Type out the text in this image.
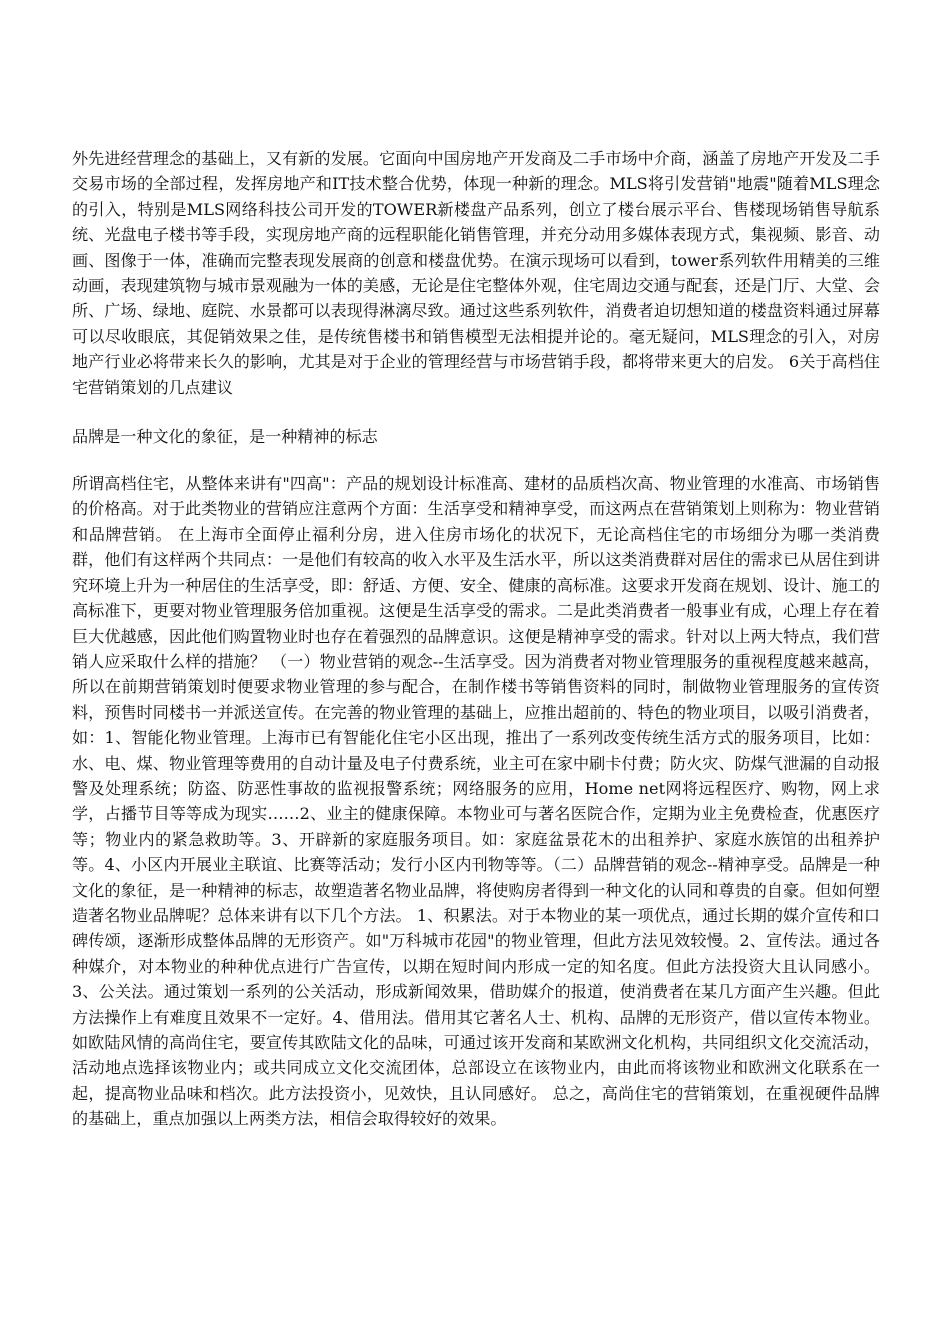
外先进经营理念的基础上，又有新的发展。它面向中国房地产开发商及二手市场中介商，涵盖了房地产开发及二手交易市场的全部过程，发挥房地产和IT技术整合优势，体现一种新的理念。MLS将引发营销"地震"随着MLS理念的引入，特别是MLS网络科技公司开发的TOWER新楼盘产品系列，创立了楼台展示平台、售楼现场销售导航系统、光盘电子楼书等手段，实现房地产商的远程职能化销售管理，并充分动用多媒体表现方式，集视频、影音、动画、图像于一体，准确而完整表现发展商的创意和楼盘优势。在演示现场可以看到，tower系列软件用精美的三维动画，表现建筑物与城市景观融为一体的美感，无论是住宅整体外观，住宅周边交通与配套，还是门厅、大堂、会所、广场、绿地、庭院、水景都可以表现得淋漓尽致。通过这些系列软件，消费者迫切想知道的楼盘资料通过屏幕可以尽收眼底，其促销效果之佳，是传统售楼书和销售模型无法相提并论的。毫无疑问，MLS理念的引入，对房地产行业必将带来长久的影响，尤其是对于企业的管理经营与市场营销手段，都将带来更大的启发。 6关于高档住宅营销策划的几点建议

品牌是一种文化的象征，是一种精神的标志

所谓高档住宅，从整体来讲有"四高"：产品的规划设计标准高、建材的品质档次高、物业管理的水准高、市场销售的价格高。对于此类物业的营销应注意两个方面：生活享受和精神享受，而这两点在营销策划上则称为：物业营销和品牌营销。 在上海市全面停止福利分房，进入住房市场化的状况下，无论高档住宅的市场细分为哪一类消费群，他们有这样两个共同点：一是他们有较高的收入水平及生活水平，所以这类消费群对居住的需求已从居住到讲究环境上升为一种居住的生活享受，即：舒适、方便、安全、健康的高标准。这要求开发商在规划、设计、施工的高标准下，更要对物业管理服务倍加重视。这便是生活享受的需求。二是此类消费者一般事业有成，心理上存在着巨大优越感，因此他们购置物业时也存在着强烈的品牌意识。这便是精神享受的需求。针对以上两大特点，我们营销人应采取什么样的措施？ （一）物业营销的观念--生活享受。因为消费者对物业管理服务的重视程度越来越高，所以在前期营销策划时便要求物业管理的参与配合，在制作楼书等销售资料的同时，制做物业管理服务的宣传资料，预售时同楼书一并派送宣传。在完善的物业管理的基础上，应推出超前的、特色的物业项目，以吸引消费者，如：1、智能化物业管理。上海市已有智能化住宅小区出现，推出了一系列改变传统生活方式的服务项目，比如：水、电、煤、物业管理等费用的自动计量及电子付费系统，业主可在家中刷卡付费；防火灾、防煤气泄漏的自动报警及处理系统；防盗、防恶性事故的监视报警系统；网络服务的应用，Home net网将远程医疗、购物，网上求学，占播节目等等成为现实……2、业主的健康保障。本物业可与著名医院合作，定期为业主免费检查，优惠医疗等；物业内的紧急救助等。3、开辟新的家庭服务项目。如：家庭盆景花木的出租养护、家庭水族馆的出租养护等。4、小区内开展业主联谊、比赛等活动；发行小区内刊物等等。（二）品牌营销的观念--精神享受。品牌是一种文化的象征，是一种精神的标志，故塑造著名物业品牌，将使购房者得到一种文化的认同和尊贵的自豪。但如何塑造著名物业品牌呢？总体来讲有以下几个方法。 1、积累法。对于本物业的某一项优点，通过长期的媒介宣传和口碑传颂，逐渐形成整体品牌的无形资产。如"万科城市花园"的物业管理，但此方法见效较慢。2、宣传法。通过各种媒介，对本物业的种种优点进行广告宣传，以期在短时间内形成一定的知名度。但此方法投资大且认同感小。3、公关法。通过策划一系列的公关活动，形成新闻效果，借助媒介的报道，使消费者在某几方面产生兴趣。但此方法操作上有难度且效果不一定好。4、借用法。借用其它著名人士、机构、品牌的无形资产，借以宣传本物业。如欧陆风情的高尚住宅，要宣传其欧陆文化的品味，可通过该开发商和某欧洲文化机构，共同组织文化交流活动，活动地点选择该物业内；或共同成立文化交流团体，总部设立在该物业内，由此而将该物业和欧洲文化联系在一起，提高物业品味和档次。此方法投资小，见效快，且认同感好。 总之，高尚住宅的营销策划，在重视硬件品牌的基础上，重点加强以上两类方法，相信会取得较好的效果。
